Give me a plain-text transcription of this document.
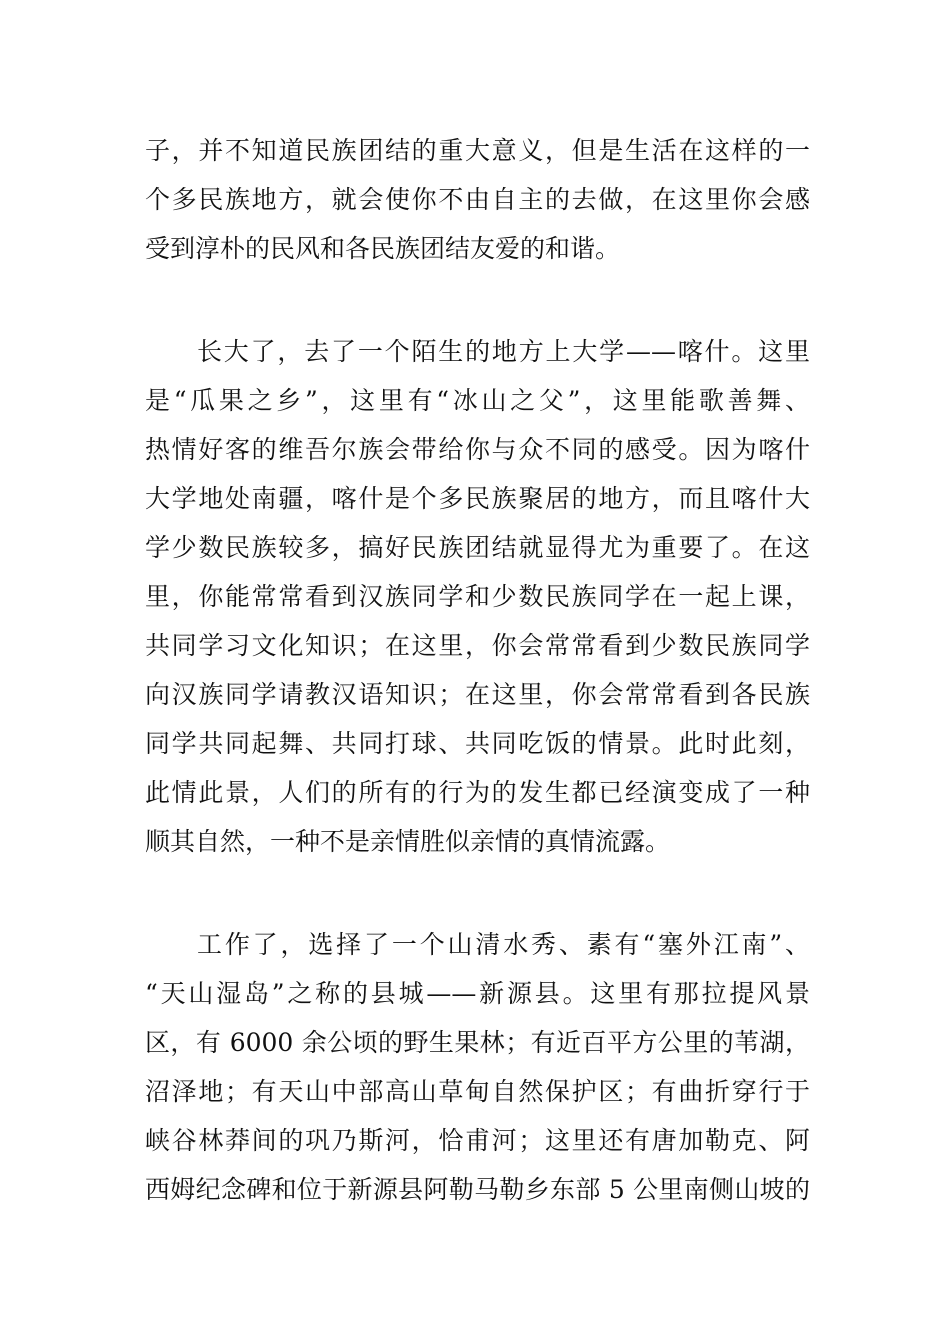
子，并不知道民族团结的重大意义，但是生活在这样的一
个多民族地方，就会使你不由自主的去做，在这里你会感
受到淳朴的民风和各民族团结友爱的和谐。
长大了，去了一个陌生的地方上大学——喀什。这里
是“瓜果之乡”，这里有“冰山之父”，这里能歌善舞、
热情好客的维吾尔族会带给你与众不同的感受。因为喀什
大学地处南疆，喀什是个多民族聚居的地方，而且喀什大
学少数民族较多，搞好民族团结就显得尤为重要了。在这
里，你能常常看到汉族同学和少数民族同学在一起上课，
共同学习文化知识；在这里，你会常常看到少数民族同学
向汉族同学请教汉语知识；在这里，你会常常看到各民族
同学共同起舞、共同打球、共同吃饭的情景。此时此刻，
此情此景，人们的所有的行为的发生都已经演变成了一种
顺其自然，一种不是亲情胜似亲情的真情流露。
工作了，选择了一个山清水秀、素有“塞外江南”、
“天山湿岛”之称的县城——新源县。这里有那拉提风景
区，有 6000 余公顷的野生果林；有近百平方公里的苇湖，
沼泽地；有天山中部高山草甸自然保护区；有曲折穿行于
峡谷林莽间的巩乃斯河，恰甫河；这里还有唐加勒克、阿
西姆纪念碑和位于新源县阿勒马勒乡东部 5 公里南侧山坡的
